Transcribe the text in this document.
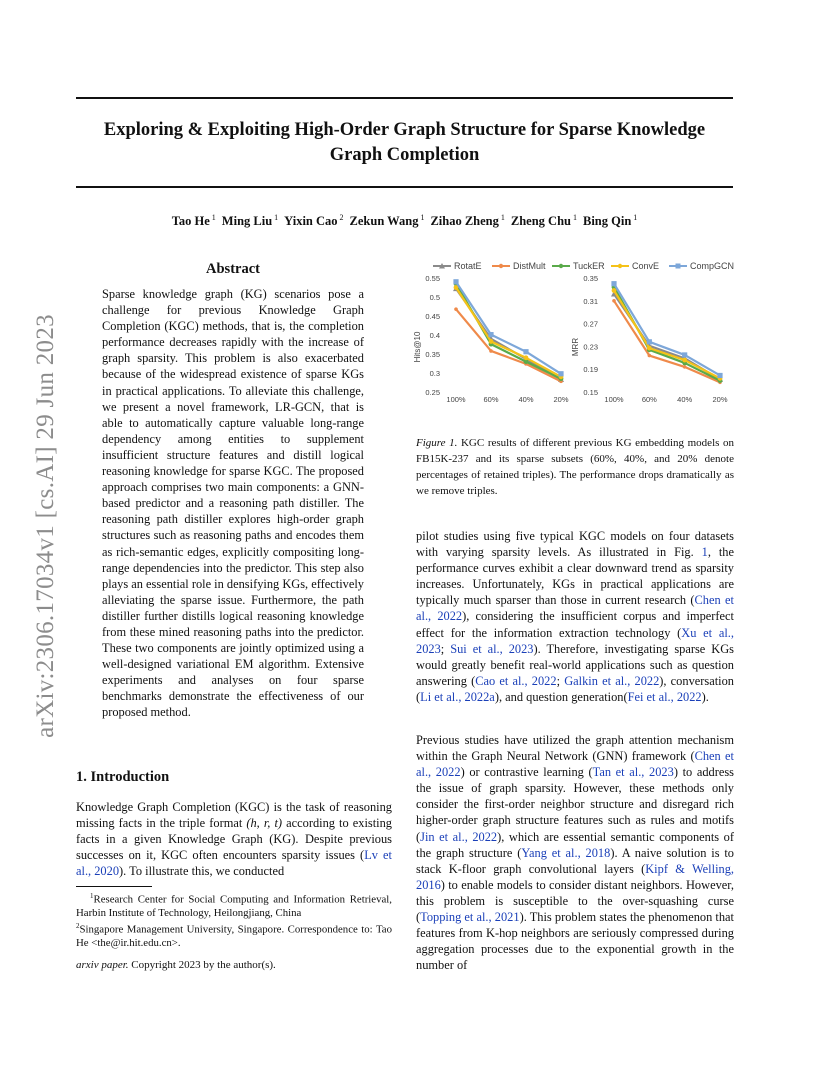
Exploring & Exploiting High-Order Graph Structure for Sparse Knowledge Graph Completion
Tao He $^1$ Ming Liu $^1$ Yixin Cao $^2$ Zekun Wang $^1$ Zihao Zheng $^1$ Zheng Chu $^1$ Bing Qin $^1$
arXiv:2306.17034v1 [cs.AI] 29 Jun 2023
Abstract
Sparse knowledge graph (KG) scenarios pose a challenge for previous Knowledge Graph Completion (KGC) methods, that is, the completion performance decreases rapidly with the increase of graph sparsity. This problem is also exacerbated because of the widespread existence of sparse KGs in practical applications. To alleviate this challenge, we present a novel framework, LR-GCN, that is able to automatically capture valuable long-range dependency among entities to supplement insufficient structure features and distill logical reasoning knowledge for sparse KGC. The proposed approach comprises two main components: a GNN-based predictor and a reasoning path distiller. The reasoning path distiller explores high-order graph structures such as reasoning paths and encodes them as rich-semantic edges, explicitly compositing long-range dependencies into the predictor. This step also plays an essential role in densifying KGs, effectively alleviating the sparse issue. Furthermore, the path distiller further distills logical reasoning knowledge from these mined reasoning paths into the predictor. These two components are jointly optimized using a well-designed variational EM algorithm. Extensive experiments and analyses on four sparse benchmarks demonstrate the effectiveness of our proposed method.
1. Introduction
Knowledge Graph Completion (KGC) is the task of reasoning missing facts in the triple format (h, r, t) according to existing facts in a given Knowledge Graph (KG). Despite previous successes on it, KGC often encounters sparsity issues (Lv et al., 2020). To illustrate this, we conducted
$^1$Research Center for Social Computing and Information Retrieval, Harbin Institute of Technology, Heilongjiang, China
$^2$Singapore Management University, Singapore. Correspondence to: Tao He <the@ir.hit.edu.cn>.
arxiv paper. Copyright 2023 by the author(s).
RotatE	DistMult	TuckER	ConvE	CompGCN
0.25
0.3
0.35
0.4
0.45
0.5
0.55
100% 60%	40%	20%
Hits@10
0.15
0.19
0.23
0.27
0.31
0.35
100% 60%	40%	20%
MRR
Figure 1. KGC results of different previous KG embedding models on FB15K-237 and its sparse subsets (60%, 40%, and 20% denote percentages of retained triples). The performance drops dramatically as we remove triples.
pilot studies using five typical KGC models on four datasets with varying sparsity levels. As illustrated in Fig. 1, the performance curves exhibit a clear downward trend as sparsity increases. Unfortunately, KGs in practical applications are typically much sparser than those in current research (Chen et al., 2022), considering the insufficient corpus and imperfect effect for the information extraction technology (Xu et al., 2023; Sui et al., 2023). Therefore, investigating sparse KGs would greatly benefit real-world applications such as question answering (Cao et al., 2022; Galkin et al., 2022), conversation (Li et al., 2022a), and question generation(Fei et al., 2022).
Previous studies have utilized the graph attention mechanism within the Graph Neural Network (GNN) framework (Chen et al., 2022) or contrastive learning (Tan et al., 2023) to address the issue of graph sparsity. However, these methods only consider the first-order neighbor structure and disregard rich higher-order graph structure features such as rules and motifs (Jin et al., 2022), which are essential semantic components of the graph structure (Yang et al., 2018). A naive solution is to stack K-floor graph convolutional layers (Kipf & Welling, 2016) to enable models to consider distant neighbors. However, this problem is susceptible to the over-squashing curse (Topping et al., 2021). This problem states the phenomenon that features from K-hop neighbors are seriously compressed during aggregation processes due to the exponential growth in the number of
